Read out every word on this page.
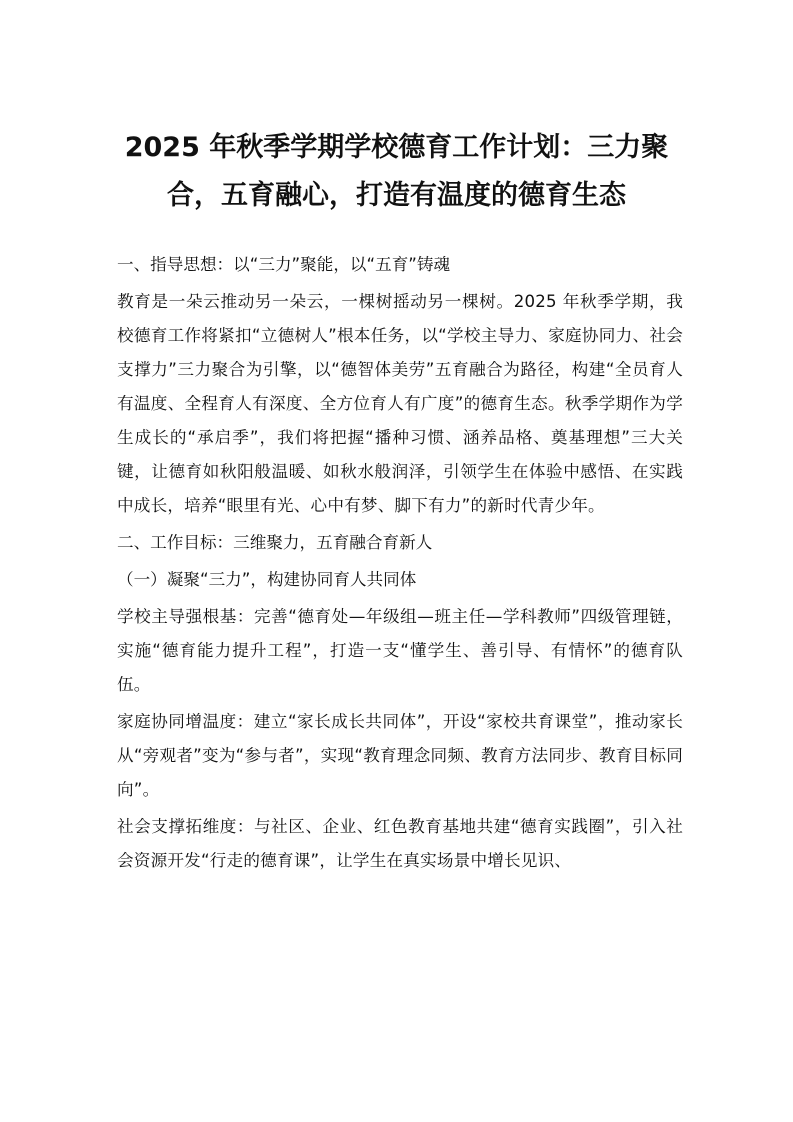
2025 年秋季学期学校德育工作计划：三力聚合，五育融心，打造有温度的德育生态

一、指导思想：以“三力”聚能，以“五育”铸魂

教育是一朵云推动另一朵云，一棵树摇动另一棵树。2025 年秋季学期，我校德育工作将紧扣“立德树人”根本任务，以“学校主导力、家庭协同力、社会支撑力”三力聚合为引擎，以“德智体美劳”五育融合为路径，构建“全员育人有温度、全程育人有深度、全方位育人有广度”的德育生态。秋季学期作为学生成长的“承启季”，我们将把握“播种习惯、涵养品格、奠基理想”三大关键，让德育如秋阳般温暖、如秋水般润泽，引领学生在体验中感悟、在实践中成长，培养“眼里有光、心中有梦、脚下有力”的新时代青少年。

二、工作目标：三维聚力，五育融合育新人

（一）凝聚“三力”，构建协同育人共同体

学校主导强根基：完善“德育处—年级组—班主任—学科教师”四级管理链，实施“德育能力提升工程”，打造一支“懂学生、善引导、有情怀”的德育队伍。

家庭协同增温度：建立“家长成长共同体”，开设“家校共育课堂”，推动家长从“旁观者”变为“参与者”，实现“教育理念同频、教育方法同步、教育目标同向”。

社会支撑拓维度：与社区、企业、红色教育基地共建“德育实践圈”，引入社会资源开发“行走的德育课”，让学生在真实场景中增长见识、
